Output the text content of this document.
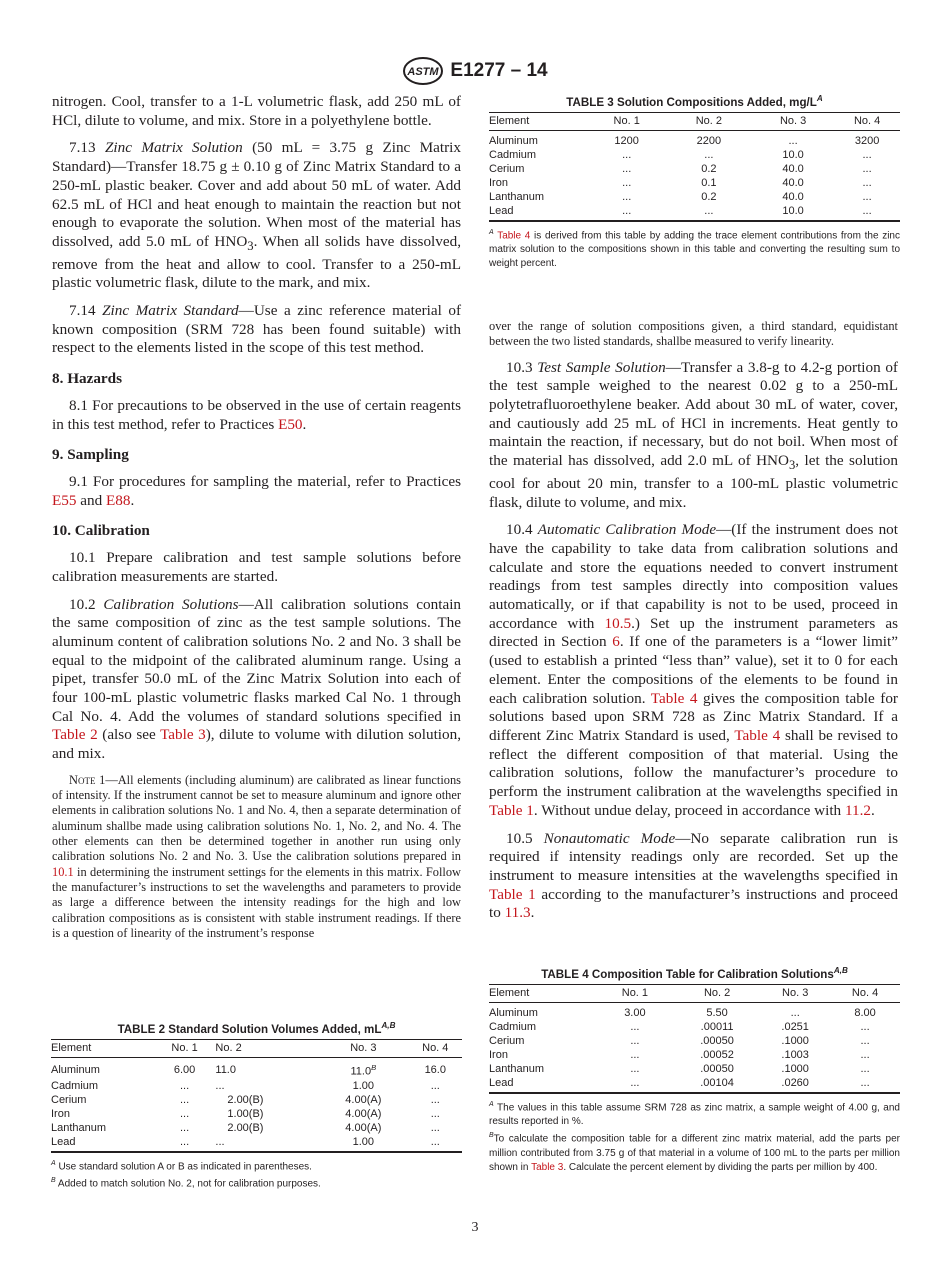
ASTM E1277 – 14

nitrogen. Cool, transfer to a 1-L volumetric flask, add 250 mL of HCl, dilute to volume, and mix. Store in a polyethylene bottle.

7.13 Zinc Matrix Solution (50 mL = 3.75 g Zinc Matrix Standard)—Transfer 18.75 g ± 0.10 g of Zinc Matrix Standard to a 250-mL plastic beaker. Cover and add about 50 mL of water. Add 62.5 mL of HCl and heat enough to maintain the reaction but not enough to evaporate the solution. When most of the material has dissolved, add 5.0 mL of $HNO_3$. When all solids have dissolved, remove from the heat and allow to cool. Transfer to a 250-mL plastic volumetric flask, dilute to the mark, and mix.

7.14 Zinc Matrix Standard—Use a zinc reference material of known composition (SRM 728 has been found suitable) with respect to the elements listed in the scope of this test method.

8. Hazards

8.1 For precautions to be observed in the use of certain reagents in this test method, refer to Practices E50.

9. Sampling

9.1 For procedures for sampling the material, refer to Practices E55 and E88.

10. Calibration

10.1 Prepare calibration and test sample solutions before calibration measurements are started.

10.2 Calibration Solutions—All calibration solutions contain the same composition of zinc as the test sample solutions. The aluminum content of calibration solutions No. 2 and No. 3 shall be equal to the midpoint of the calibrated aluminum range. Using a pipet, transfer 50.0 mL of the Zinc Matrix Solution into each of four 100-mL plastic volumetric flasks marked Cal No. 1 through Cal No. 4. Add the volumes of standard solutions specified in Table 2 (also see Table 3), dilute to volume with dilution solution, and mix.

Note 1—All elements (including aluminum) are calibrated as linear functions of intensity. If the instrument cannot be set to measure aluminum and ignore other elements in calibration solutions No. 1 and No. 4, then a separate determination of aluminum shallbe made using calibration solutions No. 1, No. 2, and No. 4. The other elements can then be determined together in another run using only calibration solutions No. 2 and No. 3. Use the calibration solutions prepared in 10.1 in determining the instrument settings for the elements in this matrix. Follow the manufacturer’s instructions to set the wavelengths and parameters to provide as large a difference between the intensity readings for the high and low calibration compositions as is consistent with stable instrument readings. If there is a question of linearity of the instrument’s response

over the range of solution compositions given, a third standard, equidistant between the two listed standards, shallbe measured to verify linearity.

10.3 Test Sample Solution—Transfer a 3.8-g to 4.2-g portion of the test sample weighed to the nearest 0.02 g to a 250-mL polytetrafluoroethylene beaker. Add about 30 mL of water, cover, and cautiously add 25 mL of HCl in increments. Heat gently to maintain the reaction, if necessary, but do not boil. When most of the material has dissolved, add 2.0 mL of $HNO_3$, let the solution cool for about 20 min, transfer to a 100-mL plastic volumetric flask, dilute to volume, and mix.

10.4 Automatic Calibration Mode—(If the instrument does not have the capability to take data from calibration solutions and calculate and store the equations needed to convert instrument readings from test samples directly into composition values automatically, or if that capability is not to be used, proceed in accordance with 10.5.) Set up the instrument parameters as directed in Section 6. If one of the parameters is a “lower limit” (used to establish a printed “less than” value), set it to 0 for each element. Enter the compositions of the elements to be found in each calibration solution. Table 4 gives the composition table for solutions based upon SRM 728 as Zinc Matrix Standard. If a different Zinc Matrix Standard is used, Table 4 shall be revised to reflect the different composition of that material. Using the calibration solutions, follow the manufacturer’s procedure to perform the instrument calibration at the wavelengths specified in Table 1. Without undue delay, proceed in accordance with 11.2.

10.5 Nonautomatic Mode—No separate calibration run is required if intensity readings only are recorded. Set up the instrument to measure intensities at the wavelengths specified in Table 1 according to the manufacturer’s instructions and proceed to 11.3.

TABLE 3 Solution Compositions Added, $mg/L^A$
Element	No. 1	No. 2	No. 3	No. 4
Aluminum	1200	2200	...	3200
Cadmium	...	...	10.0	...
Cerium	...	0.2	40.0	...
Iron	...	0.1	40.0	...
Lanthanum	...	0.2	40.0	...
Lead	...	...	10.0	...
$^A$ Table 4 is derived from this table by adding the trace element contributions from the zinc matrix solution to the compositions shown in this table and converting the resulting sum to weight percent.
TABLE 2 Standard Solution Volumes Added, $mL^{A,B}$
Element	No. 1	No. 2	No. 3	No. 4
Aluminum	6.00	11.0	$11.0^B$	16.0
Cadmium	...	...	1.00	...
Cerium	...	2.00(B)	4.00(A)	...
Iron	...	1.00(B)	4.00(A)	...
Lanthanum	...	2.00(B)	4.00(A)	...
Lead	...	...	1.00	...
$^A$ Use standard solution A or B as indicated in parentheses.
$^B$ Added to match solution No. 2, not for calibration purposes.
TABLE 4 Composition Table for Calibration Solutions$^{A,B}$
Element	No. 1	No. 2	No. 3	No. 4
Aluminum	3.00	5.50	...	8.00
Cadmium	...	.00011	.0251	...
Cerium	...	.00050	.1000	...
Iron	...	.00052	.1003	...
Lanthanum	...	.00050	.1000	...
Lead	...	.00104	.0260	...
$^A$ The values in this table assume SRM 728 as zinc matrix, a sample weight of 4.00 g, and results reported in %.
$^B$To calculate the composition table for a different zinc matrix material, add the parts per million contributed from 3.75 g of that material in a volume of 100 mL to the parts per million shown in Table 3. Calculate the percent element by dividing the parts per million by 400.
3
